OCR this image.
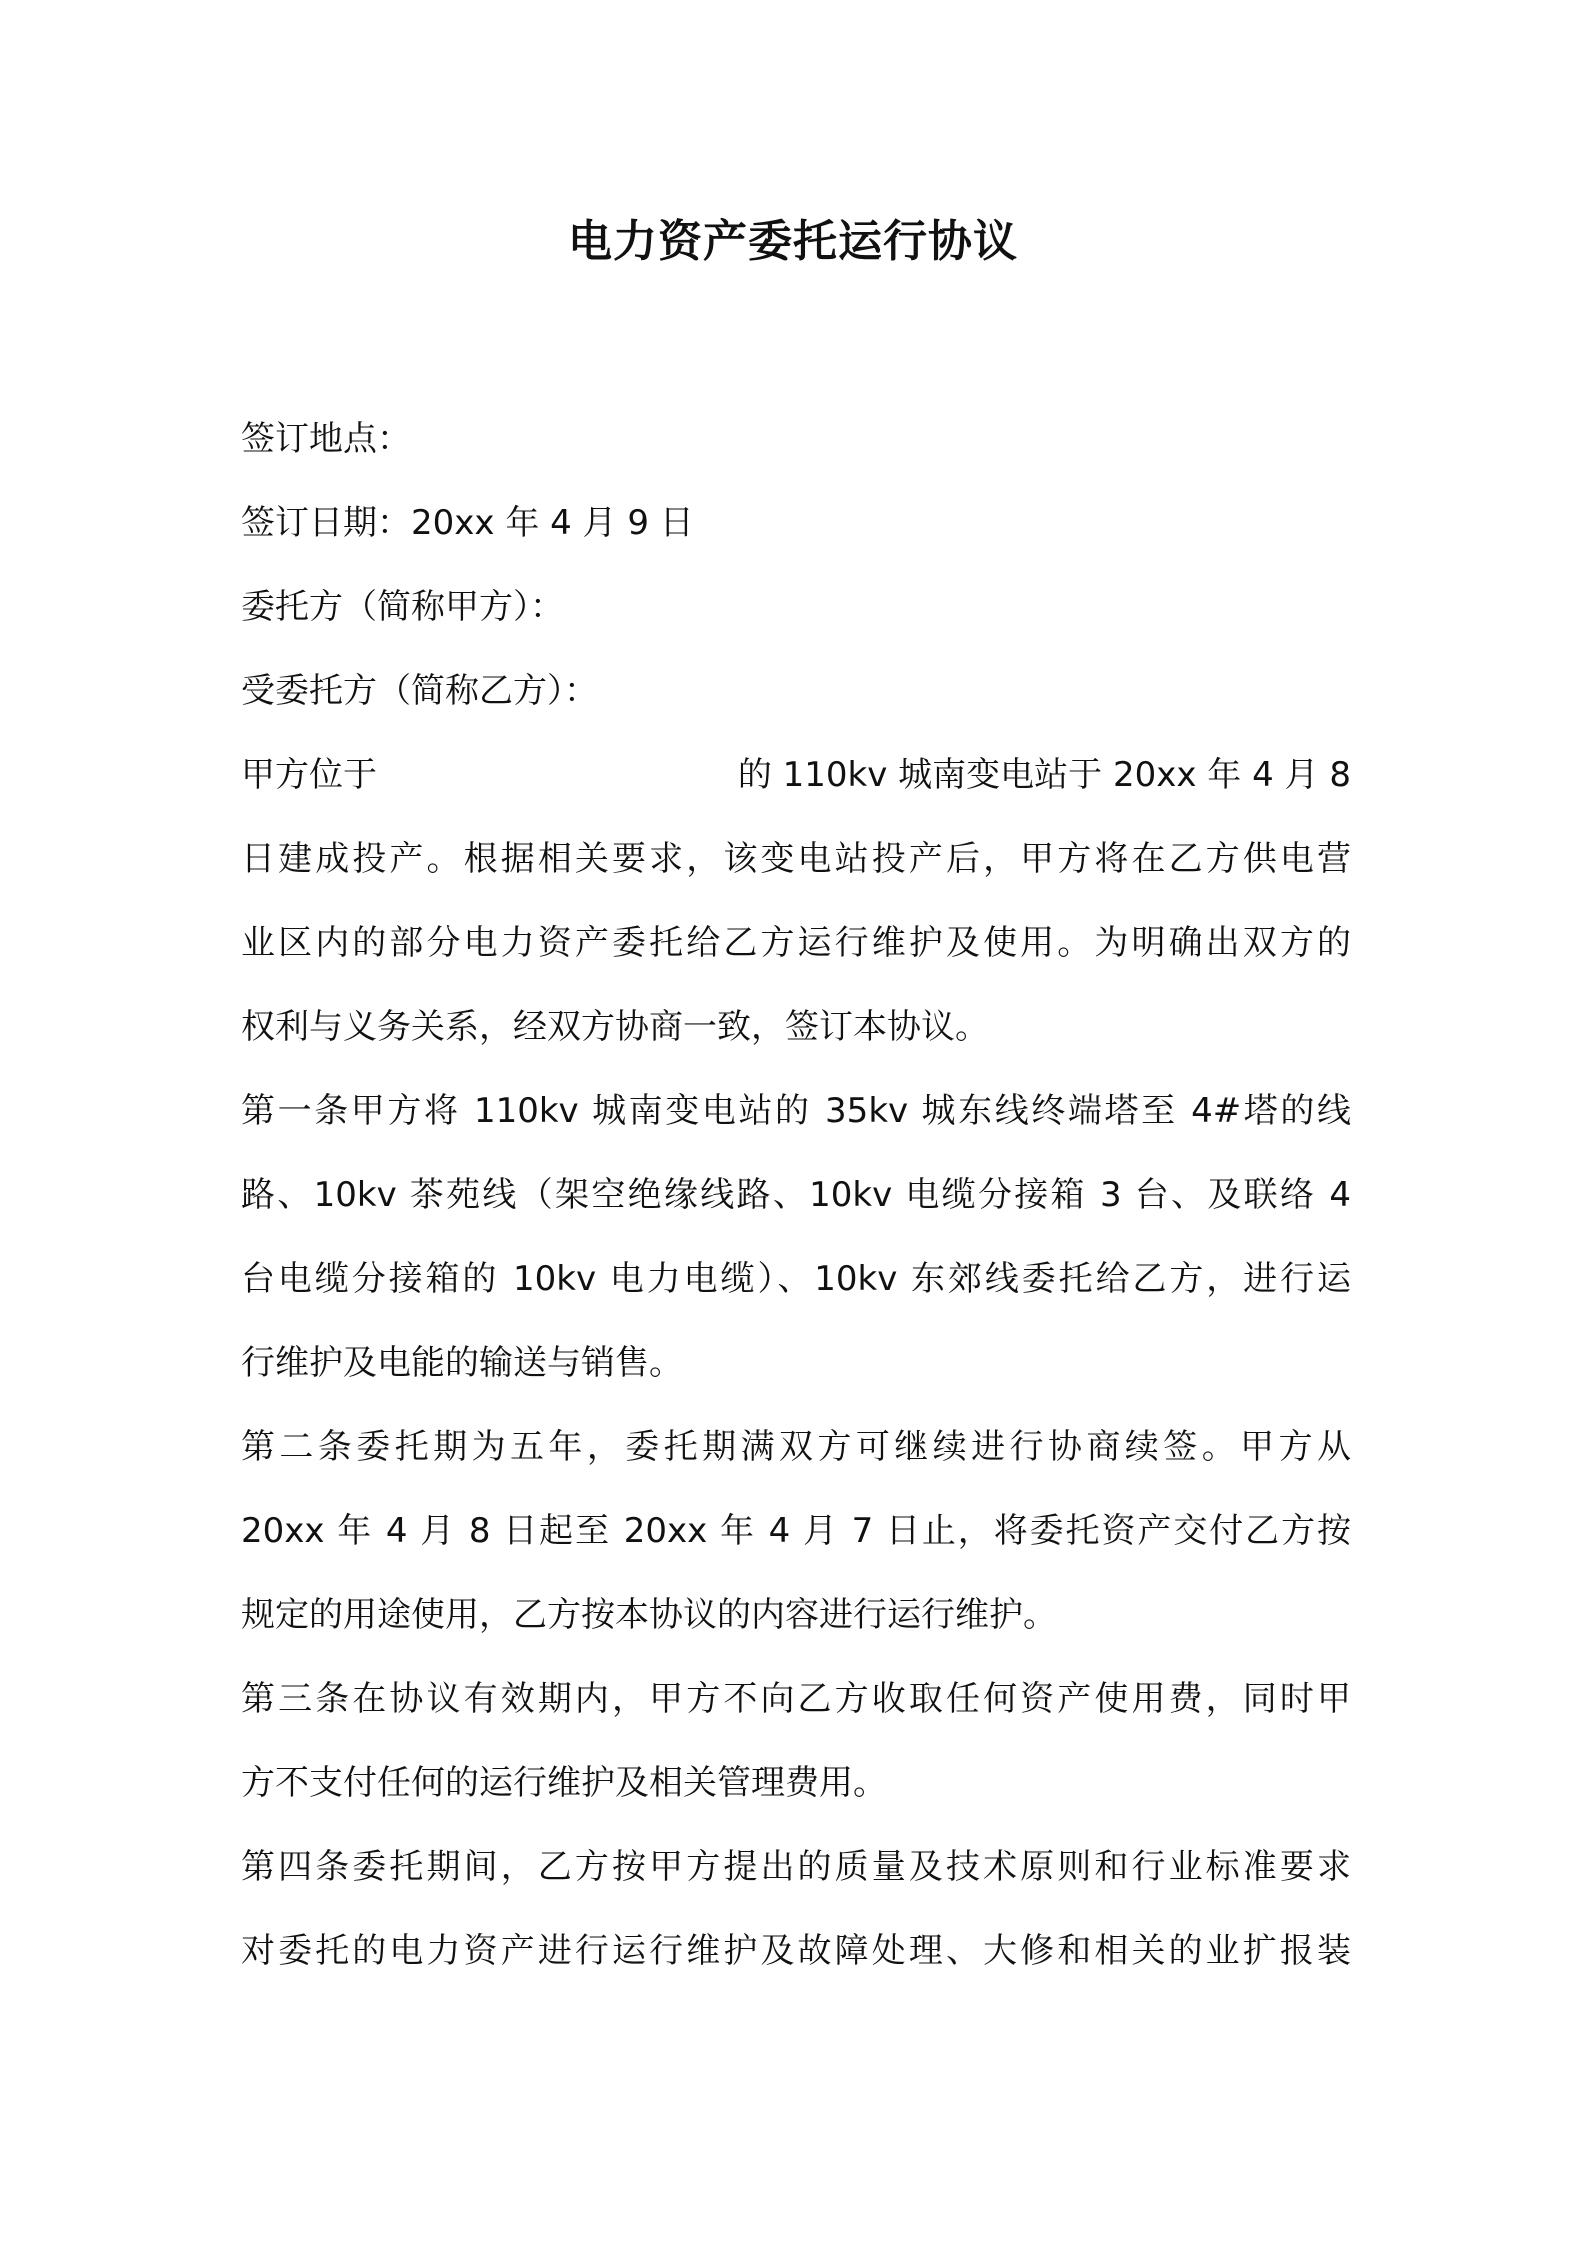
电力资产委托运行协议
签订地点：
签订日期：20xx 年 4 月 9 日
委托方（简称甲方）：
受委托方（简称乙方）：
甲方位于	的 110kv 城南变电站于 20xx 年 4 月 8
日建成投产。根据相关要求，该变电站投产后，甲方将在乙方供电营
业区内的部分电力资产委托给乙方运行维护及使用。为明确出双方的
权利与义务关系，经双方协商一致，签订本协议。
第一条甲方将 110kv 城南变电站的 35kv 城东线终端塔至 4#塔的线
路、10kv 茶苑线（架空绝缘线路、10kv 电缆分接箱 3 台、及联络 4
台电缆分接箱的 10kv 电力电缆）、10kv 东郊线委托给乙方，进行运
行维护及电能的输送与销售。
第二条委托期为五年，委托期满双方可继续进行协商续签。甲方从
20xx 年 4 月 8 日起至 20xx 年 4 月 7 日止，将委托资产交付乙方按
规定的用途使用，乙方按本协议的内容进行运行维护。
第三条在协议有效期内，甲方不向乙方收取任何资产使用费，同时甲
方不支付任何的运行维护及相关管理费用。
第四条委托期间，乙方按甲方提出的质量及技术原则和行业标准要求
对委托的电力资产进行运行维护及故障处理、大修和相关的业扩报装
